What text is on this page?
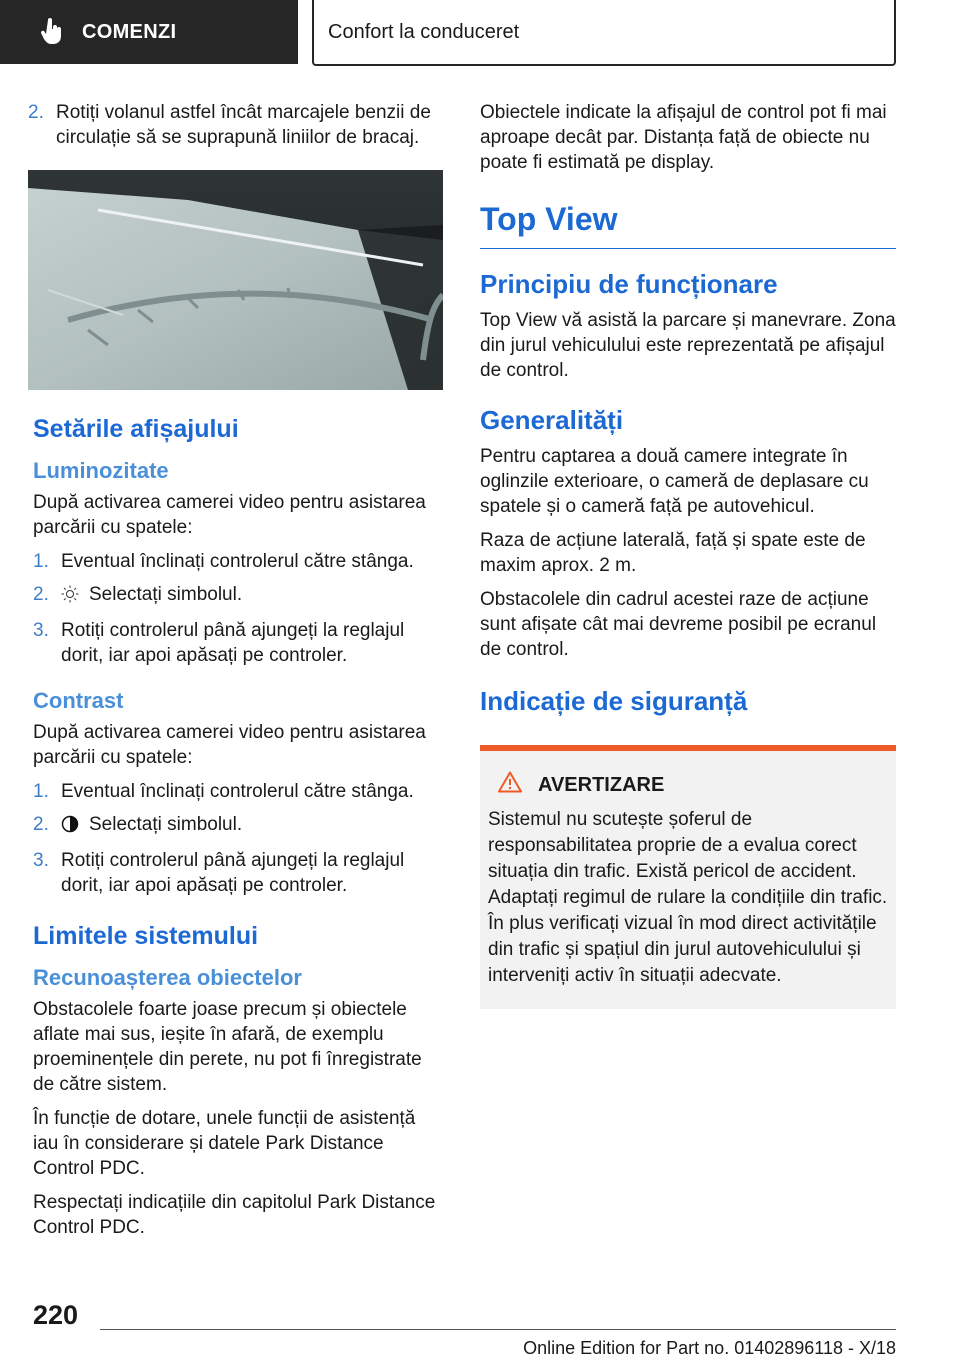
COMENZI	Confort la conduceret
2. Rotiți volanul astfel încât marcajele benzii de circulație să se suprapună liniilor de bracaj.
Setările afișajului
Luminozitate

După activarea camerei video pentru asistarea parcării cu spatele:

1. Eventual înclinați controlerul către stânga.
2.	Selectați simbolul.
3. Rotiți controlerul până ajungeți la reglajul dorit, iar apoi apăsați pe controler.
Contrast

După activarea camerei video pentru asistarea parcării cu spatele:

1. Eventual înclinați controlerul către stânga.
2.	Selectați simbolul.
3. Rotiți controlerul până ajungeți la reglajul dorit, iar apoi apăsați pe controler.
Limitele sistemului
Recunoașterea obiectelor

Obstacolele foarte joase precum și obiectele aflate mai sus, ieșite în afară, de exemplu proeminențele din perete, nu pot fi înregistrate de către sistem.

În funcție de dotare, unele funcții de asistență iau în considerare și datele Park Distance Control PDC.

Respectați indicațiile din capitolul Park Distance Control PDC.

Obiectele indicate la afișajul de control pot fi mai aproape decât par. Distanța față de obiecte nu poate fi estimată pe display.

Top View
Principiu de funcționare

Top View vă asistă la parcare și manevrare. Zona din jurul vehiculului este reprezentată pe afișajul de control.

Generalități

Pentru captarea a două camere integrate în oglinzile exterioare, o cameră de deplasare cu spatele și o cameră față pe autovehicul.

Raza de acțiune laterală, față și spate este de maxim aprox. 2 m.

Obstacolele din cadrul acestei raze de acțiune sunt afișate cât mai devreme posibil pe ecranul de control.

Indicație de siguranță
AVERTIZARE

Sistemul nu scutește șoferul de responsabilitatea proprie de a evalua corect situația din trafic. Există pericol de accident. Adaptați regimul de rulare la condițiile din trafic. În plus verificați vizual în mod direct activitățile din trafic și spațiul din jurul autovehiculului și interveniți activ în situații adecvate.

220
Online Edition for Part no. 01402896118 - X/18
